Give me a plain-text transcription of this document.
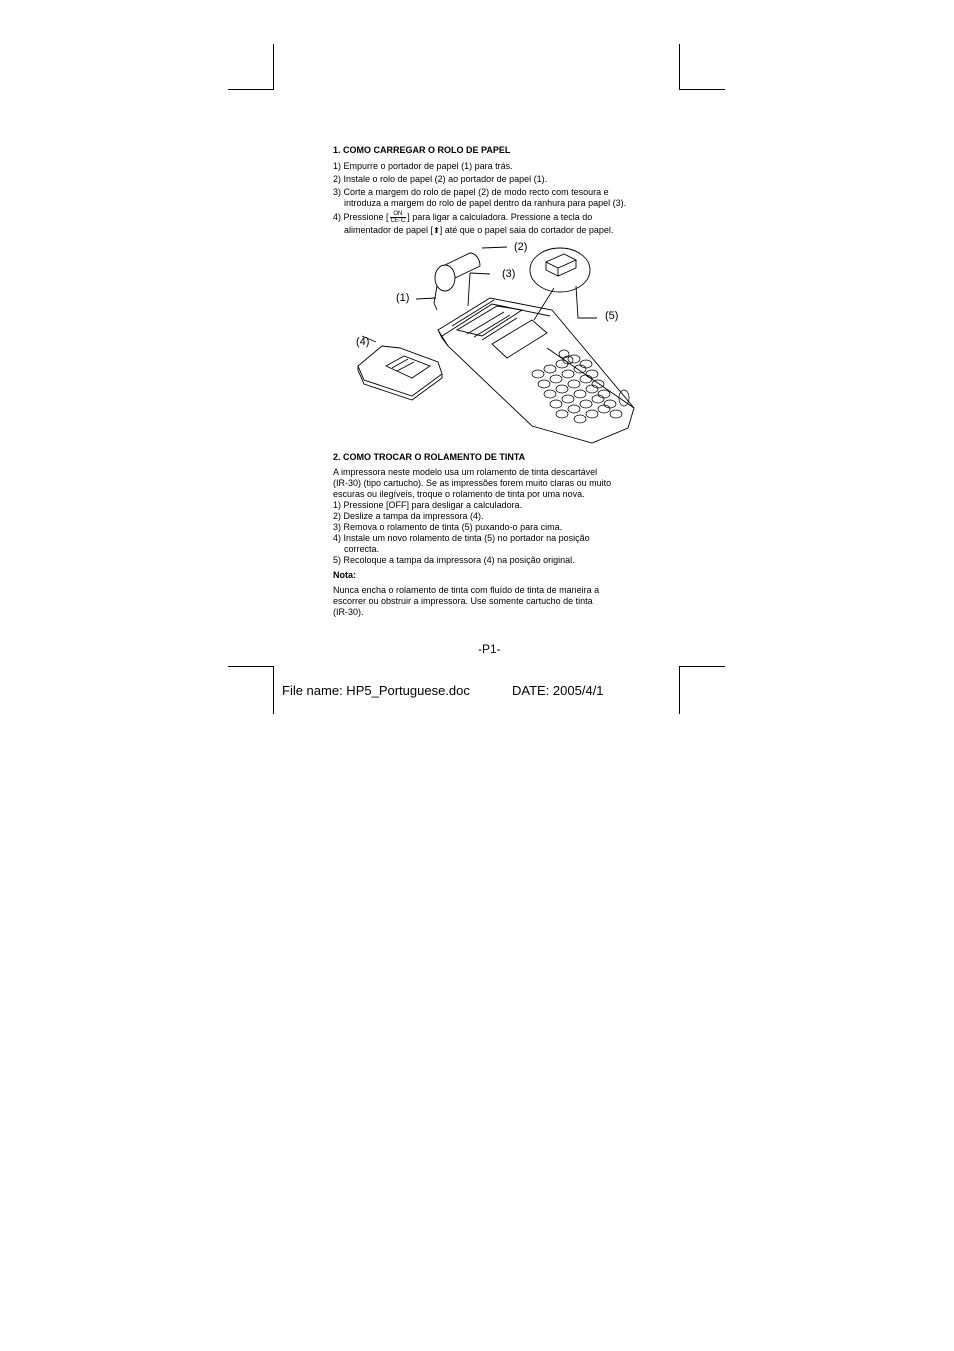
1. COMO CARREGAR O ROLO DE PAPEL
1) Empurre o portador de papel (1) para trás.
2) Instale o rolo de papel (2) ao portador de papel (1).
3) Corte a margem do rolo de papel (2) de modo recto com tesoura e
introduza a margem do rolo de papel dentro da ranhura para papel (3).
4) Pressione [ $\frac{ON}{CE\cdot C}$ ] para ligar a calculadora. Pressione a tecla do
alimentador de papel [⬆] até que o papel saia do cortador de papel.
(1)
(2)
(3)
(4)
(5)
2. COMO TROCAR O ROLAMENTO DE TINTA
A impressora neste modelo usa um rolamento de tinta descartável
(IR-30) (tipo cartucho). Se as impressões forem muito claras ou muito
escuras ou ilegíveis, troque o rolamento de tinta por uma nova.
1) Pressione [OFF] para desligar a calculadora.
2) Deslize a tampa da impressora (4).
3) Remova o rolamento de tinta (5) puxando-o para cima.
4) Instale um novo rolamento de tinta (5) no portador na posição
correcta.
5) Recoloque a tampa da impressora (4) na posição original.
Nota:
Nunca encha o rolamento de tinta com fluído de tinta de maneira a
escorrer ou obstruir a impressora. Use somente cartucho de tinta
(IR-30).
-P1-
File name: HP5_Portuguese.doc	DATE: 2005/4/1
